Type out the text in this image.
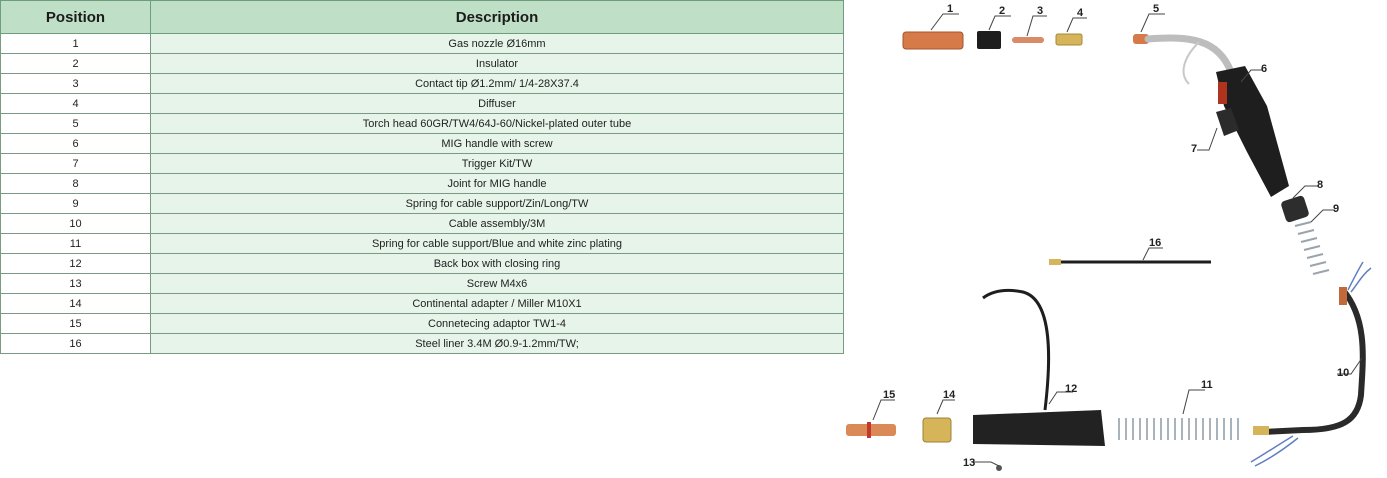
Position	Description
1	Gas nozzle Ø16mm
2	Insulator
3	Contact tip Ø1.2mm/ 1/4-28X37.4
4	Diffuser
5	Torch head 60GR/TW4/64J-60/Nickel-plated outer tube
6	MIG handle with screw
7	Trigger Kit/TW
8	Joint for MIG handle
9	Spring for cable support/Zin/Long/TW
10	Cable assembly/3M
11	Spring for cable support/Blue and white zinc plating
12	Back box with closing ring
13	Screw M4x6
14	Continental adapter / Miller M10X1
15	Connetecing adaptor TW1-4
16	Steel liner 3.4M Ø0.9-1.2mm/TW;
1	2	3	4	5
6
7
8
9
10
11
12
13
14
15
16
